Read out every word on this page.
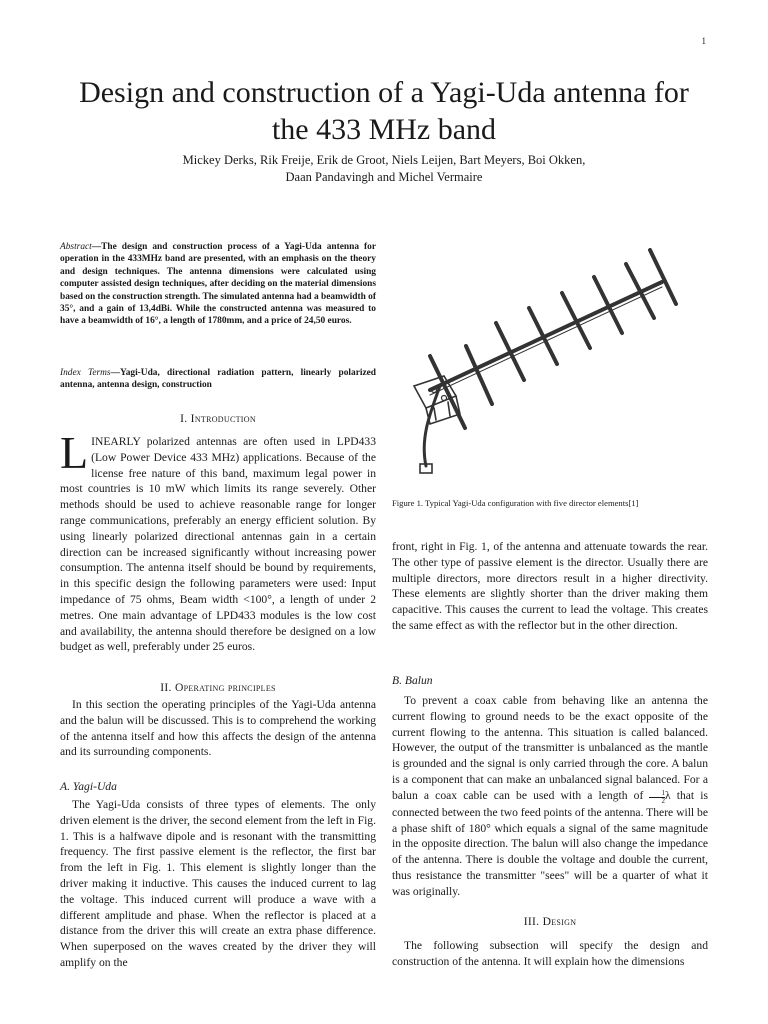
1
Design and construction of a Yagi-Uda antenna for
the 433 MHz band
Mickey Derks, Rik Freije, Erik de Groot, Niels Leijen, Bart Meyers, Boi Okken,
Daan Pandavingh and Michel Vermaire
Abstract—The design and construction process of a Yagi-Uda antenna for operation in the 433MHz band are presented, with an emphasis on the theory and design techniques. The antenna dimensions were calculated using computer assisted design techniques, after deciding on the material dimensions based on the construction strength. The simulated antenna had a beamwidth of 35°, and a gain of 13,4dBi. While the constructed antenna was measured to have a beamwidth of 16°, a length of 1780mm, and a price of 24,50 euros.
Index Terms—Yagi-Uda, directional radiation pattern, linearly polarized antenna, antenna design, construction
I. Introduction
LINEARLY polarized antennas are often used in LPD433 (Low Power Device 433 MHz) applications. Because of the license free nature of this band, maximum legal power in most countries is 10 mW which limits its range severely. Other methods should be used to achieve reasonable range for longer range communications, preferably an energy efficient solution. By using linearly polarized directional antennas gain in a certain direction can be increased significantly without increasing power consumption. The antenna itself should be bound by requirements, in this specific design the following parameters were used: Input impedance of 75 ohms, Beam width <100°, a length of under 2 metres. One main advantage of LPD433 modules is the low cost and availability, the antenna should therefore be designed on a low budget as well, preferably under 25 euros.
II. Operating principles

In this section the operating principles of the Yagi-Uda antenna and the balun will be discussed. This is to comprehend the working of the antenna itself and how this affects the design of the antenna and its surrounding components.

A. Yagi-Uda

The Yagi-Uda consists of three types of elements. The only driven element is the driver, the second element from the left in Fig. 1. This is a halfwave dipole and is resonant with the transmitting frequency. The first passive element is the reflector, the first bar from the left in Fig. 1. This element is slightly longer than the driver making it inductive. This causes the induced current to lag the voltage. This induced current will produce a wave with a different amplitude and phase. When the reflector is placed at a distance from the driver this will create an extra phase difference. When superposed on the waves created by the driver they will amplify on the

Figure 1. Typical Yagi-Uda configuration with five director elements[1]

front, right in Fig. 1, of the antenna and attenuate towards the rear. The other type of passive element is the director. Usually there are multiple directors, more directors result in a higher directivity. These elements are slightly shorter than the driver making them capacitive. This causes the current to lead the voltage. This creates the same effect as with the reflector but in the other direction.

B. Balun

To prevent a coax cable from behaving like an antenna the current flowing to ground needs to be the exact opposite of the current flowing to the antenna. This situation is called balanced. However, the output of the transmitter is unbalanced as the mantle is grounded and the signal is only carried through the core. A balun is a component that can make an unbalanced signal balanced. For a balun a coax cable can be used with a length of $\frac{1}{2}$ λ that is connected between the two feed points of the antenna. There will be a phase shift of 180° which equals a signal of the same magnitude in the opposite direction. The balun will also change the impedance of the antenna. There is double the voltage and double the current, thus resistance the transmitter "sees" will be a quarter of what it was originally.

III. Design

The following subsection will specify the design and construction of the antenna. It will explain how the dimensions
